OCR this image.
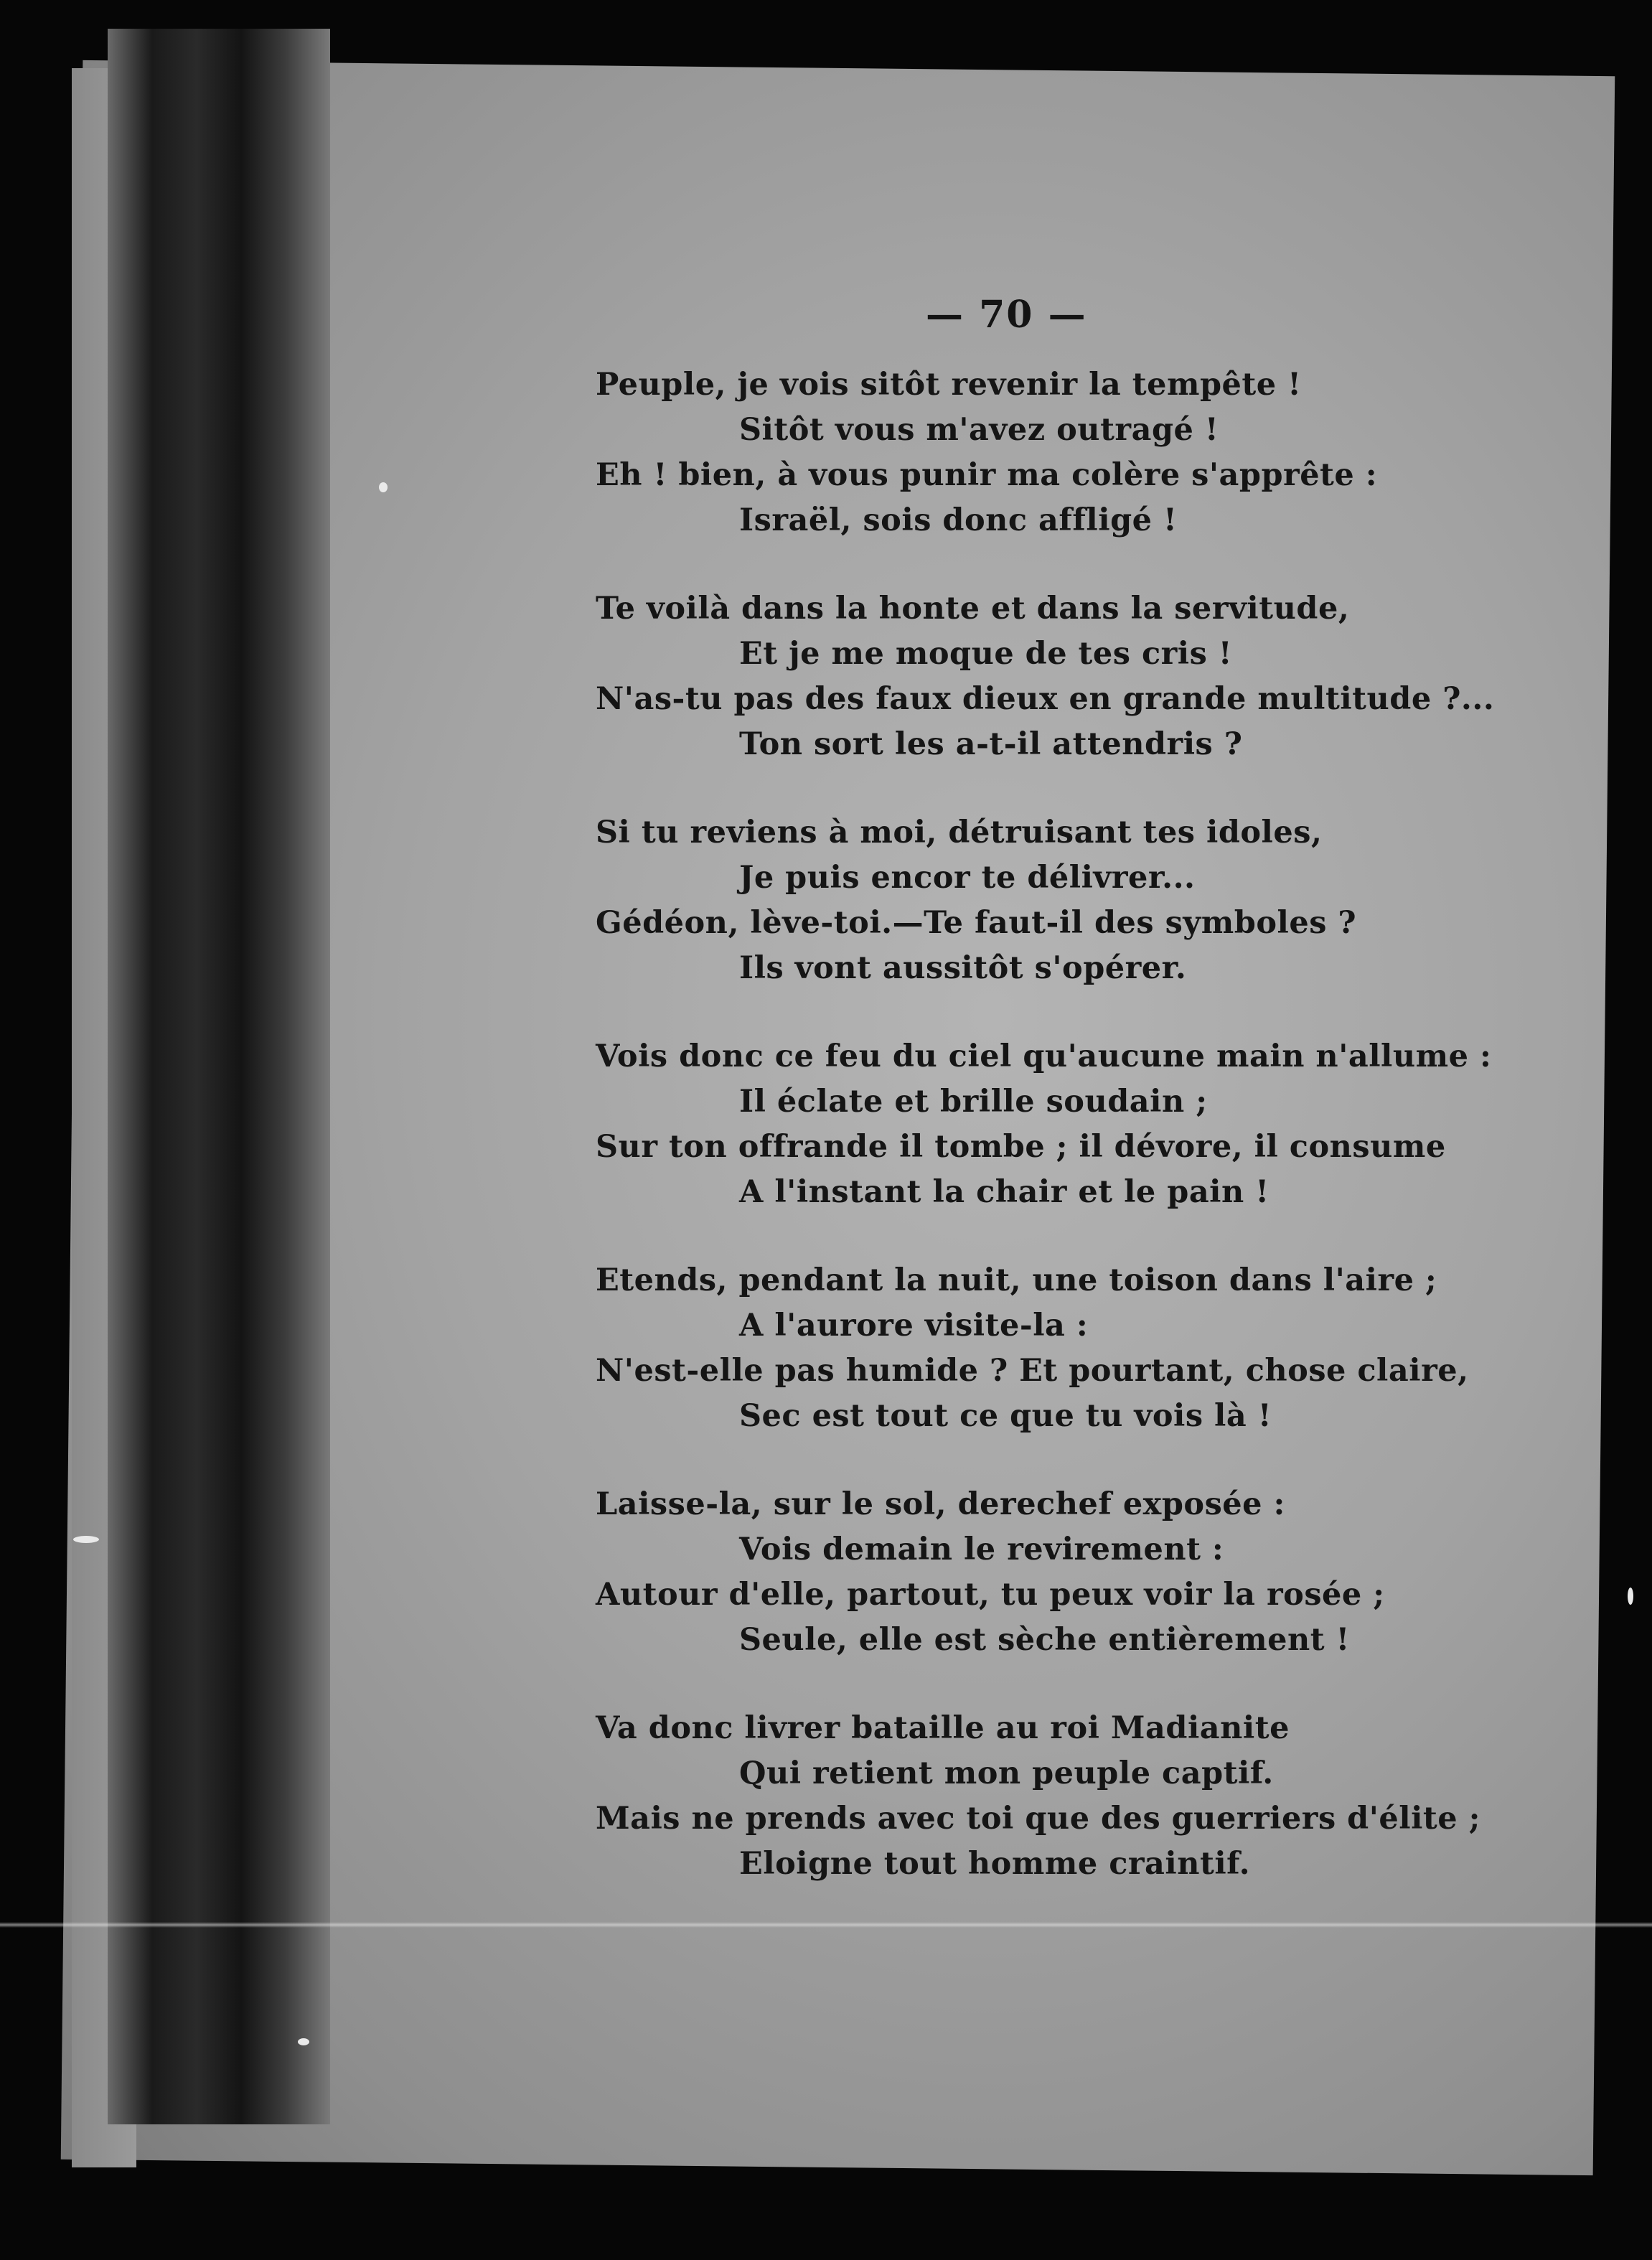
— 70 —
Peuple, je vois sitôt revenir la tempête !
Sitôt vous m'avez outragé !
Eh ! bien, à vous punir ma colère s'apprête :
Israël, sois donc affligé !
Te voilà dans la honte et dans la servitude,
Et je me moque de tes cris !
N'as-tu pas des faux dieux en grande multitude ?...
Ton sort les a-t-il attendris ?
Si tu reviens à moi, détruisant tes idoles,
Je puis encor te délivrer...
Gédéon, lève-toi.—Te faut-il des symboles ?
Ils vont aussitôt s'opérer.
Vois donc ce feu du ciel qu'aucune main n'allume :
Il éclate et brille soudain ;
Sur ton offrande il tombe ; il dévore, il consume
A l'instant la chair et le pain !
Etends, pendant la nuit, une toison dans l'aire ;
A l'aurore visite-la :
N'est-elle pas humide ? Et pourtant, chose claire,
Sec est tout ce que tu vois là !
Laisse-la, sur le sol, derechef exposée :
Vois demain le revirement :
Autour d'elle, partout, tu peux voir la rosée ;
Seule, elle est sèche entièrement !
Va donc livrer bataille au roi Madianite
Qui retient mon peuple captif.
Mais ne prends avec toi que des guerriers d'élite ;
Eloigne tout homme craintif.
